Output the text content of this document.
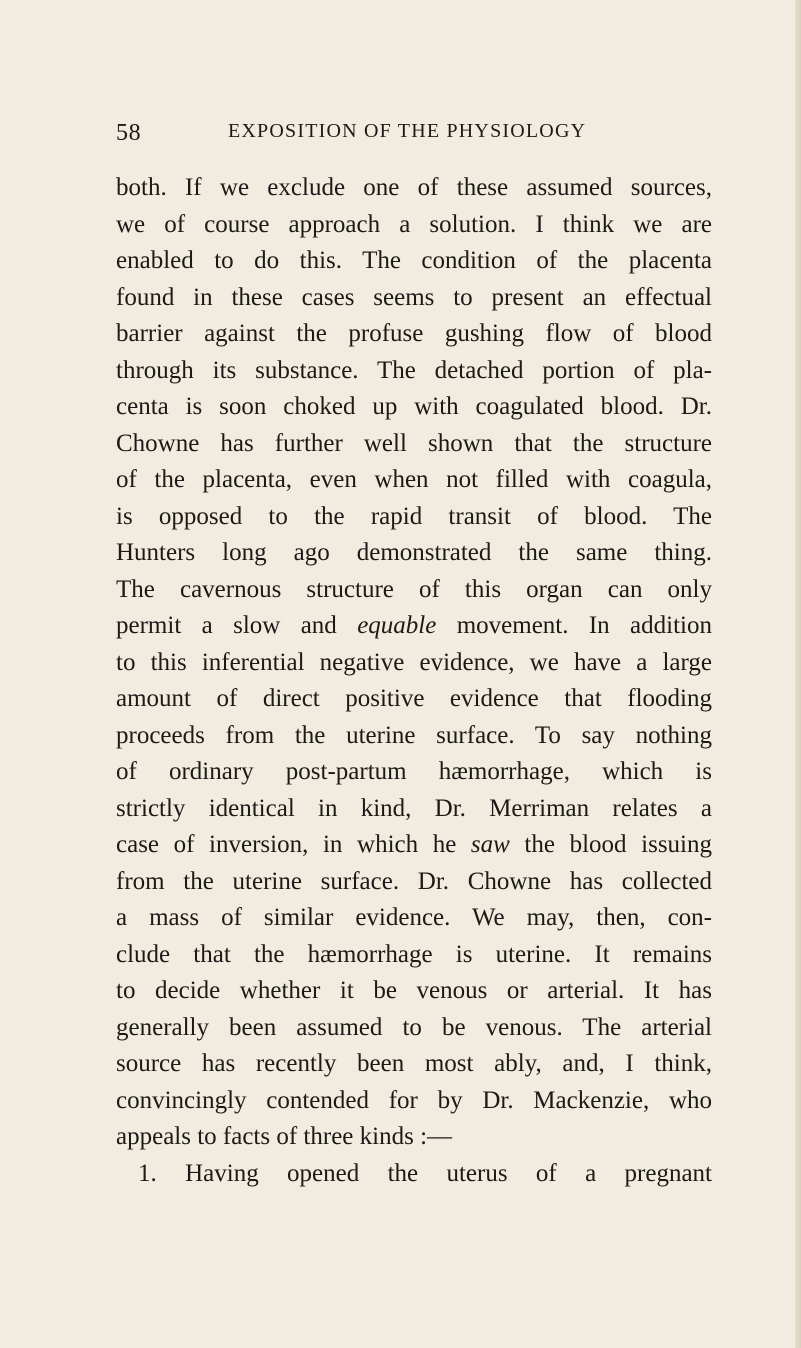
58	EXPOSITION OF THE PHYSIOLOGY
both. If we exclude one of these assumed sources,
we of course approach a solution. I think we are
enabled to do this. The condition of the placenta
found in these cases seems to present an effectual
barrier against the profuse gushing flow of blood
through its substance. The detached portion of pla-
centa is soon choked up with coagulated blood. Dr.
Chowne has further well shown that the structure
of the placenta, even when not filled with coagula,
is opposed to the rapid transit of blood. The
Hunters long ago demonstrated the same thing.
The cavernous structure of this organ can only
permit a slow and equable movement. In addition
to this inferential negative evidence, we have a large
amount of direct positive evidence that flooding
proceeds from the uterine surface. To say nothing
of ordinary post-partum hæmorrhage, which is
strictly identical in kind, Dr. Merriman relates a
case of inversion, in which he saw the blood issuing
from the uterine surface. Dr. Chowne has collected
a mass of similar evidence. We may, then, con-
clude that the hæmorrhage is uterine. It remains
to decide whether it be venous or arterial. It has
generally been assumed to be venous. The arterial
source has recently been most ably, and, I think,
convincingly contended for by Dr. Mackenzie, who
appeals to facts of three kinds :—
1. Having opened the uterus of a pregnant
